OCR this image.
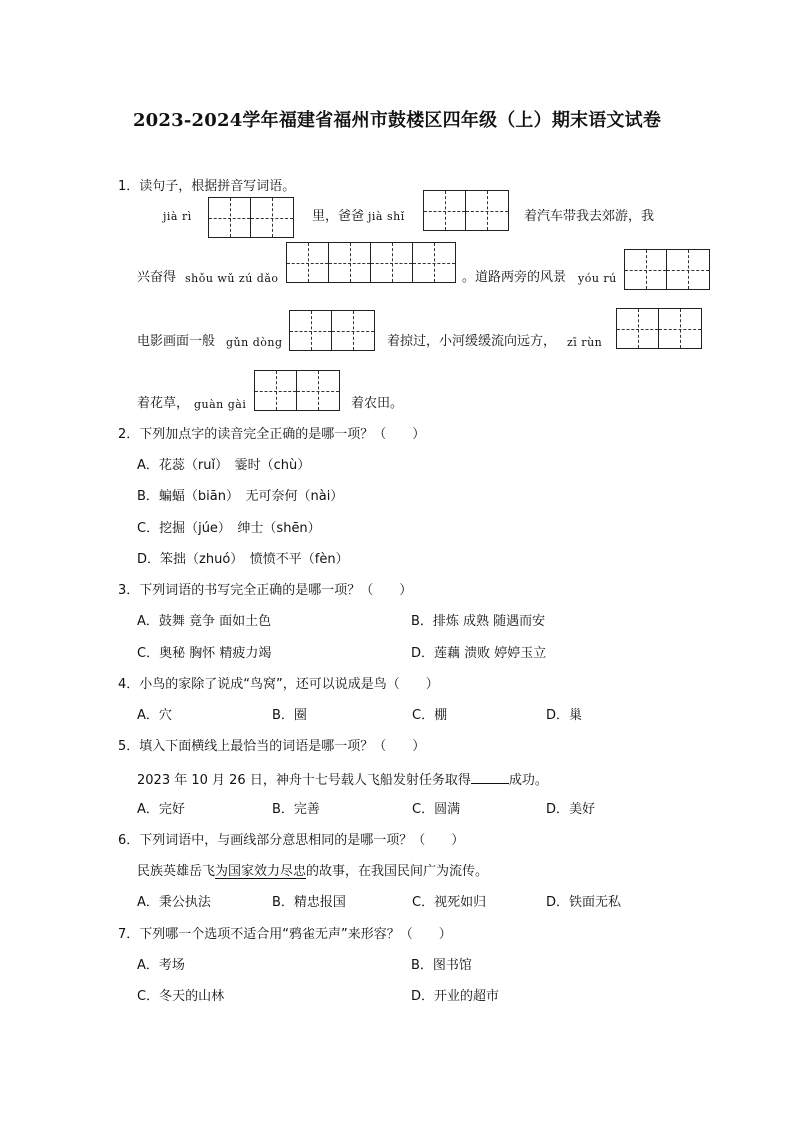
2023-2024学年福建省福州市鼓楼区四年级（上）期末语文试卷
1．读句子，根据拼音写词语。
jià rì	里，爸爸 jià shǐ	着汽车带我去郊游，我
兴奋得 shǒu wǔ zú dǎo	。道路两旁的风景 yóu rú
电影画面一般 gǔn dòng	着掠过，小河缓缓流向远方， zī rùn
着花草， guàn gài	着农田。
2．下列加点字的读音完全正确的是哪一项？（　　）
A．花蕊（ruǐ）　霎时（chù）
B．蝙蝠（biān）　无可奈何（nài）
C．挖掘（júe）　绅士（shēn）
D．笨拙（zhuó）　愤愤不平（fèn）
3．下列词语的书写完全正确的是哪一项？（　　）
A．鼓舞 竟争 面如土色	B．排炼 成熟 随遇而安
C．奥秘 胸怀 精疲力竭	D．莲藕 溃败 婷婷玉立
4．小鸟的家除了说成“鸟窝”，还可以说成是鸟（　　）
A．穴	B．圈	C．棚	D．巢
5．填入下面横线上最恰当的词语是哪一项？（　　）
2023 年 10 月 26 日，神舟十七号载人飞船发射任务取得	成功。
A．完好	B．完善	C．圆满	D．美好
6．下列词语中，与画线部分意思相同的是哪一项？（　　）
民族英雄岳飞为国家效力尽忠的故事，在我国民间广为流传。
A．秉公执法	B．精忠报国	C．视死如归	D．铁面无私
7．下列哪一个选项不适合用“鸦雀无声”来形容？（　　）
A．考场	B．图书馆
C．冬天的山林	D．开业的超市
